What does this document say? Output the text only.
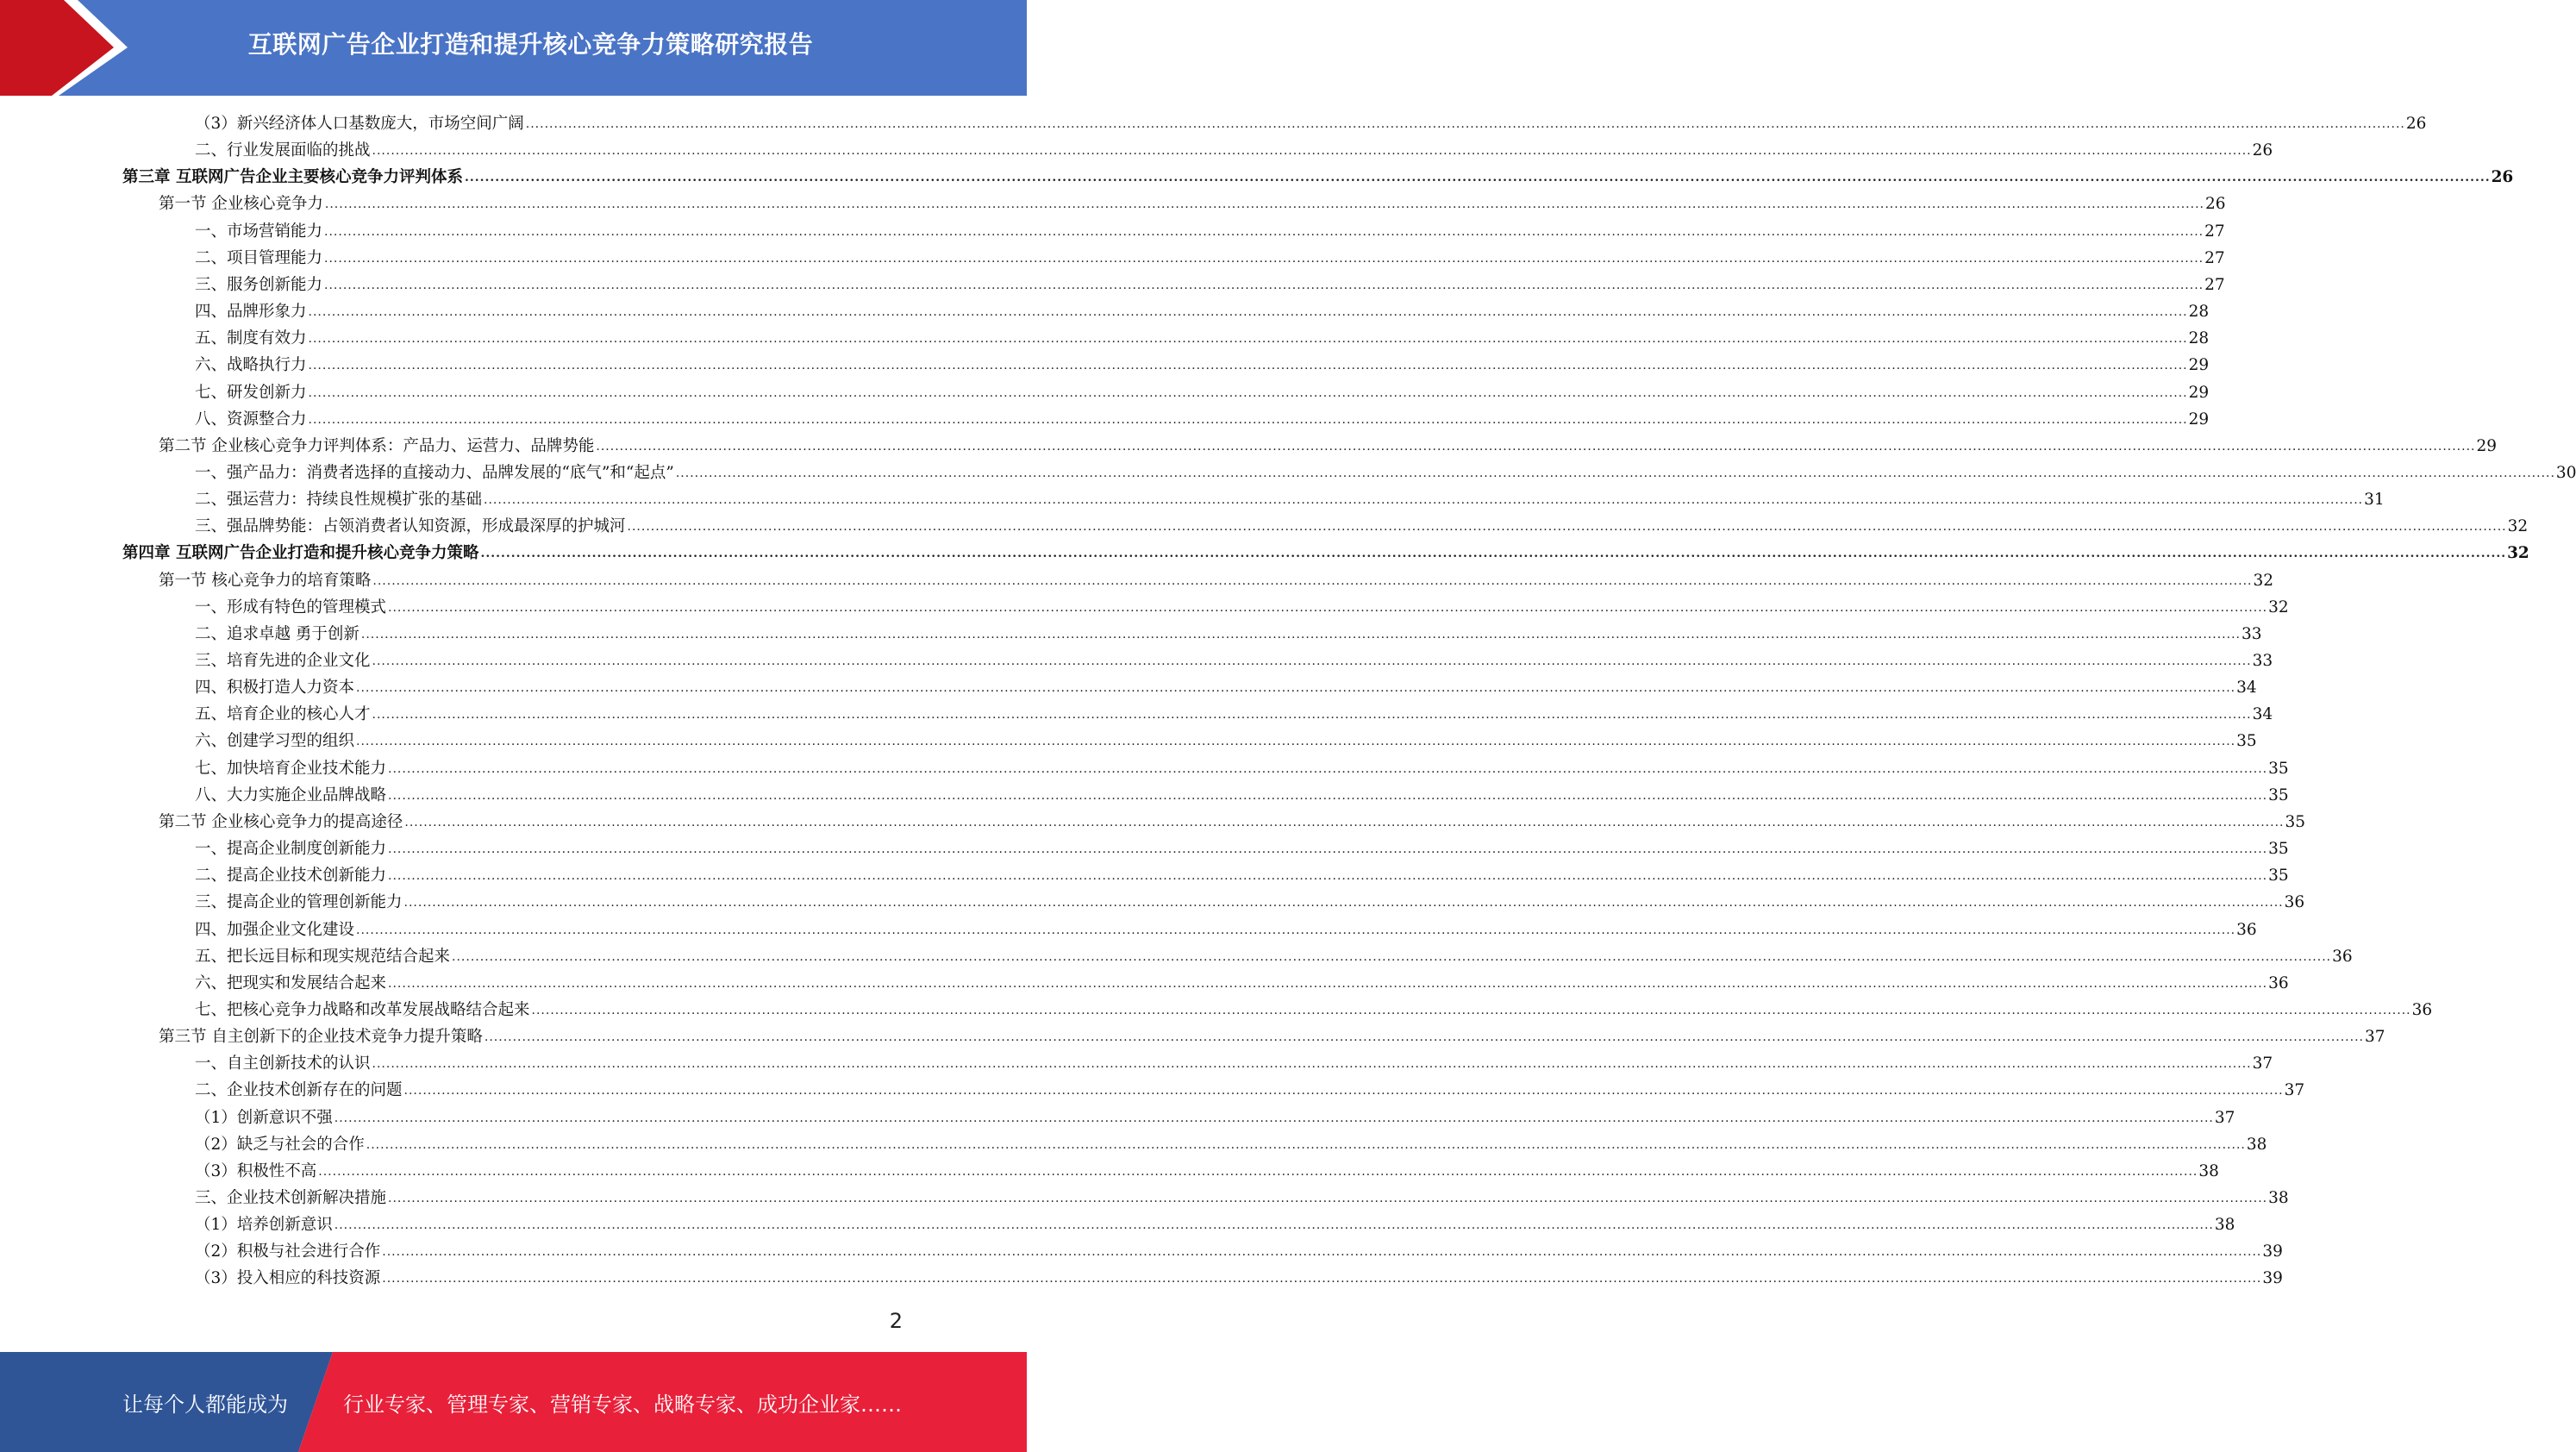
互联网广告企业打造和提升核心竞争力策略研究报告
（3）新兴经济体人口基数庞大，市场空间广阔 ................................................................................................................................................................................................................................................................................................................................................................................................................ 26
二、行业发展面临的挑战 ................................................................................................................................................................................................................................................................................................................................................................................................................ 26
第三章 互联网广告企业主要核心竞争力评判体系 ................................................................................................................................................................................................................................................................................................................................................................................................................ 26
第一节 企业核心竞争力 ................................................................................................................................................................................................................................................................................................................................................................................................................ 26
一、市场营销能力 ................................................................................................................................................................................................................................................................................................................................................................................................................ 27
二、项目管理能力 ................................................................................................................................................................................................................................................................................................................................................................................................................ 27
三、服务创新能力 ................................................................................................................................................................................................................................................................................................................................................................................................................ 27
四、品牌形象力 ................................................................................................................................................................................................................................................................................................................................................................................................................ 28
五、制度有效力 ................................................................................................................................................................................................................................................................................................................................................................................................................ 28
六、战略执行力 ................................................................................................................................................................................................................................................................................................................................................................................................................ 29
七、研发创新力 ................................................................................................................................................................................................................................................................................................................................................................................................................ 29
八、资源整合力 ................................................................................................................................................................................................................................................................................................................................................................................................................ 29
第二节 企业核心竞争力评判体系：产品力、运营力、品牌势能 ................................................................................................................................................................................................................................................................................................................................................................................................................ 29
一、强产品力：消费者选择的直接动力、品牌发展的“底气”和“起点” ................................................................................................................................................................................................................................................................................................................................................................................................................ 30
二、强运营力：持续良性规模扩张的基础 ................................................................................................................................................................................................................................................................................................................................................................................................................ 31
三、强品牌势能：占领消费者认知资源，形成最深厚的护城河 ................................................................................................................................................................................................................................................................................................................................................................................................................ 32
第四章 互联网广告企业打造和提升核心竞争力策略 ................................................................................................................................................................................................................................................................................................................................................................................................................ 32
第一节 核心竞争力的培育策略 ................................................................................................................................................................................................................................................................................................................................................................................................................ 32
一、形成有特色的管理模式 ................................................................................................................................................................................................................................................................................................................................................................................................................ 32
二、追求卓越 勇于创新 ................................................................................................................................................................................................................................................................................................................................................................................................................ 33
三、培育先进的企业文化 ................................................................................................................................................................................................................................................................................................................................................................................................................ 33
四、积极打造人力资本 ................................................................................................................................................................................................................................................................................................................................................................................................................ 34
五、培育企业的核心人才 ................................................................................................................................................................................................................................................................................................................................................................................................................ 34
六、创建学习型的组织 ................................................................................................................................................................................................................................................................................................................................................................................................................ 35
七、加快培育企业技术能力 ................................................................................................................................................................................................................................................................................................................................................................................................................ 35
八、大力实施企业品牌战略 ................................................................................................................................................................................................................................................................................................................................................................................................................ 35
第二节 企业核心竞争力的提高途径 ................................................................................................................................................................................................................................................................................................................................................................................................................ 35
一、提高企业制度创新能力 ................................................................................................................................................................................................................................................................................................................................................................................................................ 35
二、提高企业技术创新能力 ................................................................................................................................................................................................................................................................................................................................................................................................................ 35
三、提高企业的管理创新能力 ................................................................................................................................................................................................................................................................................................................................................................................................................ 36
四、加强企业文化建设 ................................................................................................................................................................................................................................................................................................................................................................................................................ 36
五、把长远目标和现实规范结合起来 ................................................................................................................................................................................................................................................................................................................................................................................................................ 36
六、把现实和发展结合起来 ................................................................................................................................................................................................................................................................................................................................................................................................................ 36
七、把核心竞争力战略和改革发展战略结合起来 ................................................................................................................................................................................................................................................................................................................................................................................................................ 36
第三节 自主创新下的企业技术竞争力提升策略 ................................................................................................................................................................................................................................................................................................................................................................................................................ 37
一、自主创新技术的认识 ................................................................................................................................................................................................................................................................................................................................................................................................................ 37
二、企业技术创新存在的问题 ................................................................................................................................................................................................................................................................................................................................................................................................................ 37
（1）创新意识不强 ................................................................................................................................................................................................................................................................................................................................................................................................................ 37
（2）缺乏与社会的合作 ................................................................................................................................................................................................................................................................................................................................................................................................................ 38
（3）积极性不高 ................................................................................................................................................................................................................................................................................................................................................................................................................ 38
三、企业技术创新解决措施 ................................................................................................................................................................................................................................................................................................................................................................................................................ 38
（1）培养创新意识 ................................................................................................................................................................................................................................................................................................................................................................................................................ 38
（2）积极与社会进行合作 ................................................................................................................................................................................................................................................................................................................................................................................................................ 39
（3）投入相应的科技资源 ................................................................................................................................................................................................................................................................................................................................................................................................................ 39
2
让每个人都能成为	行业专家、管理专家、营销专家、战略专家、成功企业家……
